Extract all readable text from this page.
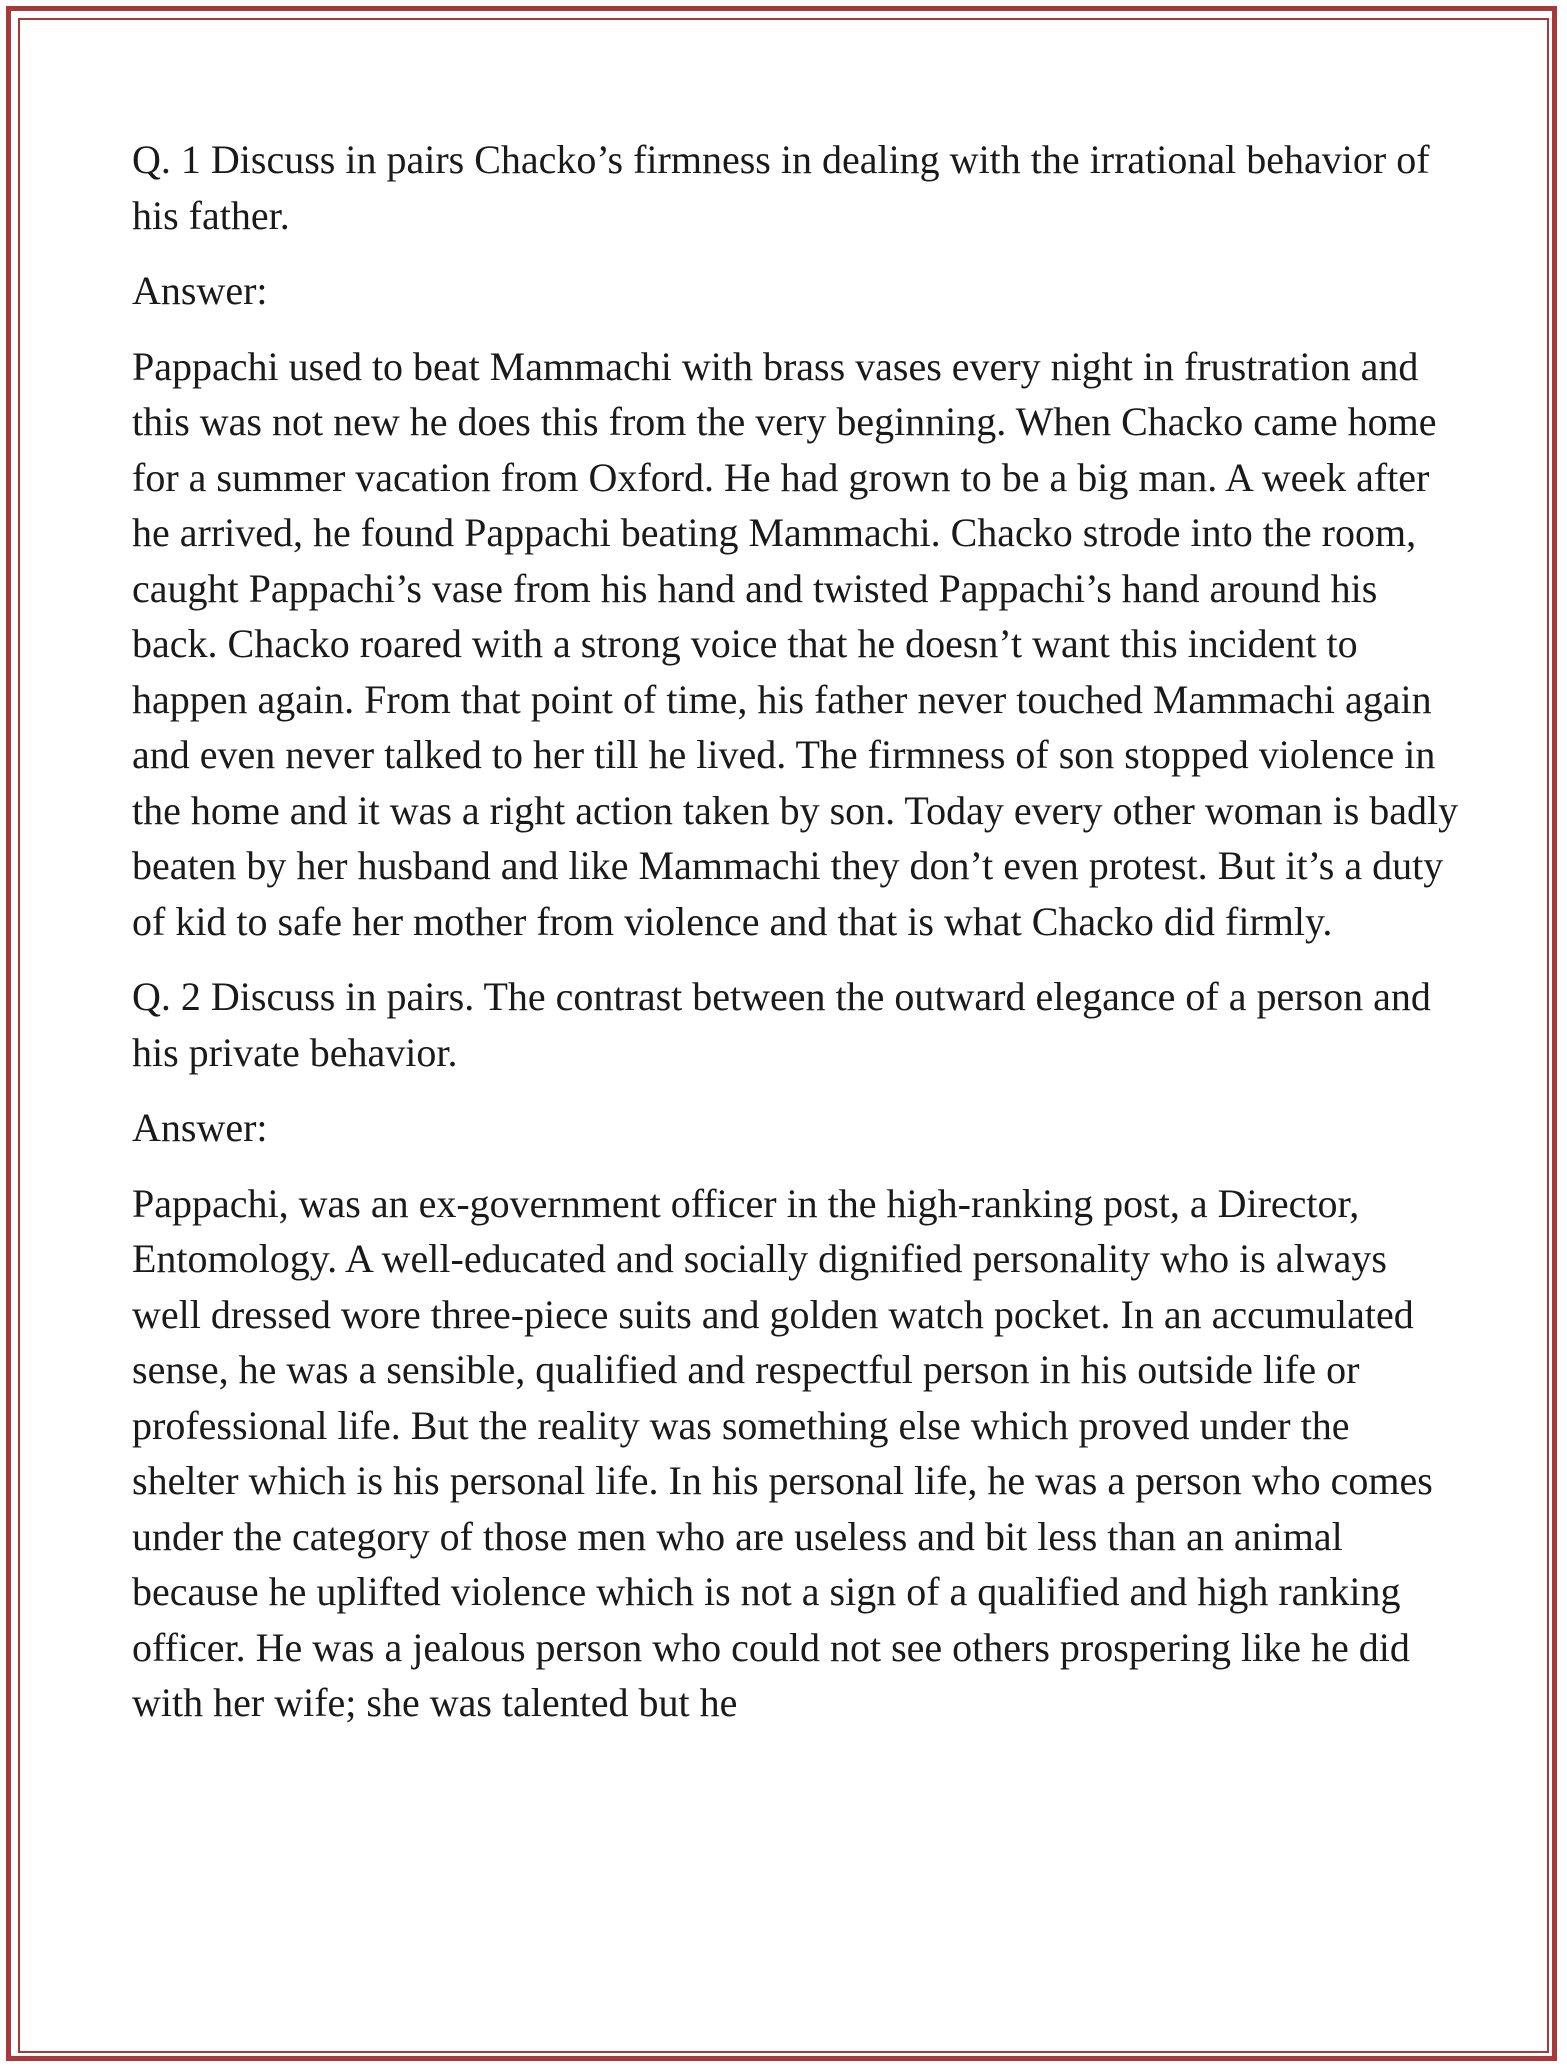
Q. 1 Discuss in pairs Chacko’s firmness in dealing with the irrational behavior of his father.

Answer:

Pappachi used to beat Mammachi with brass vases every night in frustration and this was not new he does this from the very beginning. When Chacko came home for a summer vacation from Oxford. He had grown to be a big man. A week after he arrived, he found Pappachi beating Mammachi. Chacko strode into the room, caught Pappachi’s vase from his hand and twisted Pappachi’s hand around his back. Chacko roared with a strong voice that he doesn’t want this incident to happen again. From that point of time, his father never touched Mammachi again and even never talked to her till he lived. The firmness of son stopped violence in the home and it was a right action taken by son. Today every other woman is badly beaten by her husband and like Mammachi they don’t even protest. But it’s a duty of kid to safe her mother from violence and that is what Chacko did firmly.

Q. 2 Discuss in pairs. The contrast between the outward elegance of a person and his private behavior.

Answer:

Pappachi, was an ex-government officer in the high-ranking post, a Director, Entomology. A well-educated and socially dignified personality who is always well dressed wore three-piece suits and golden watch pocket. In an accumulated sense, he was a sensible, qualified and respectful person in his outside life or professional life. But the reality was something else which proved under the shelter which is his personal life. In his personal life, he was a person who comes under the category of those men who are useless and bit less than an animal because he uplifted violence which is not a sign of a qualified and high ranking officer. He was a jealous person who could not see others prospering like he did with her wife; she was talented but he
